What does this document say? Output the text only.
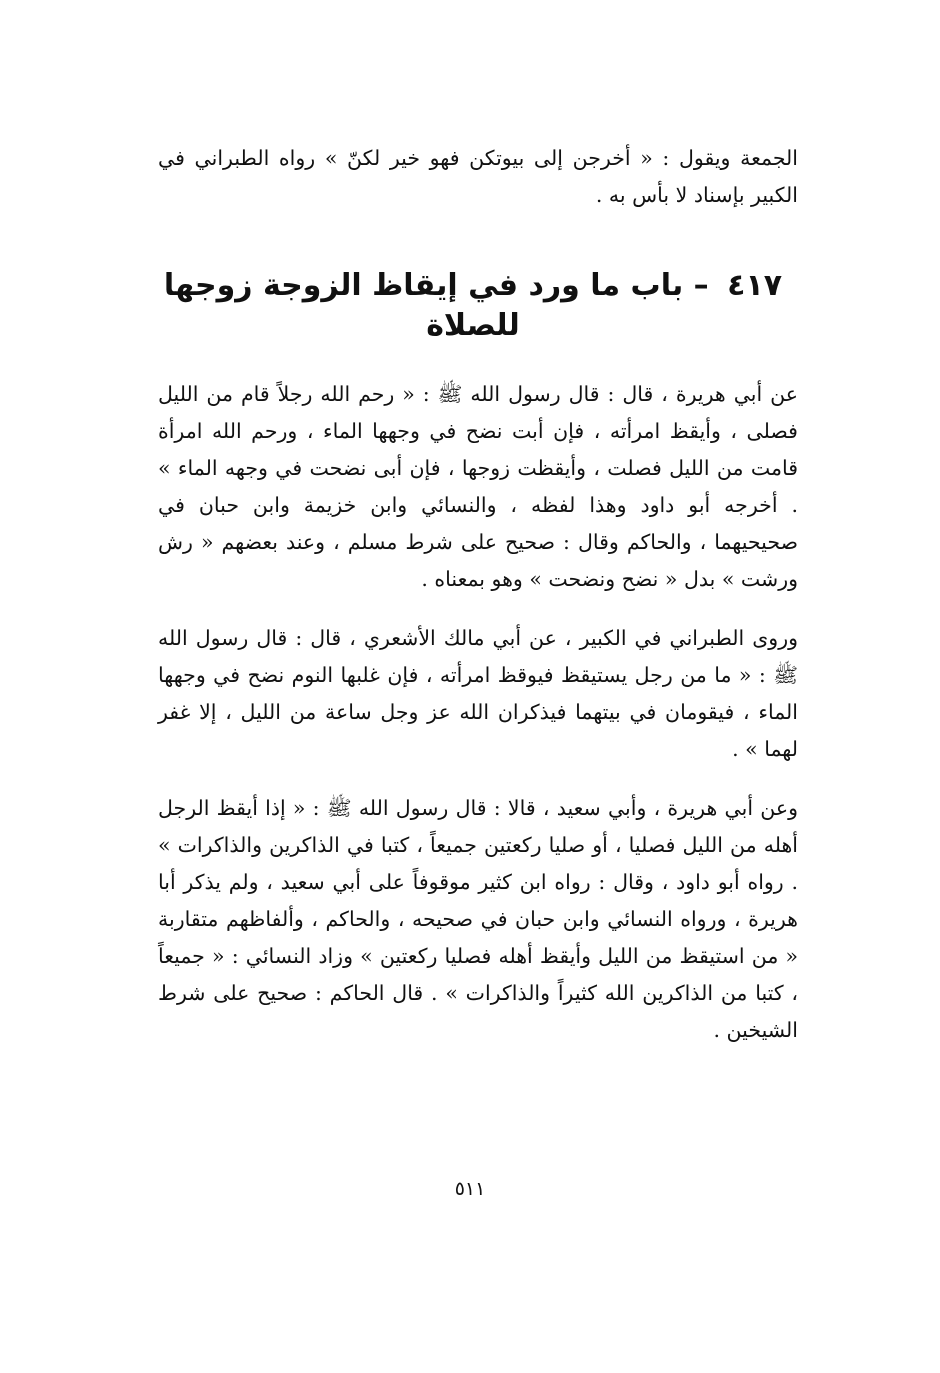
الجمعة ويقول : « أخرجن إلى بيوتكن فهو خير لكنّ » رواه الطبراني في الكبير بإسناد لا بأس به .

٤١٧ – باب ما ورد في إيقاظ الزوجة زوجها للصلاة

عن أبي هريرة ، قال : قال رسول الله ﷺ : « رحم الله رجلاً قام من الليل فصلى ، وأيقظ امرأته ، فإن أبت نضح في وجهها الماء ، ورحم الله امرأة قامت من الليل فصلت ، وأيقظت زوجها ، فإن أبى نضحت في وجهه الماء » . أخرجه أبو داود وهذا لفظه ، والنسائي وابن خزيمة وابن حبان في صحيحيهما ، والحاكم وقال : صحيح على شرط مسلم ، وعند بعضهم « رش ورشت » بدل « نضح ونضحت » وهو بمعناه .

وروى الطبراني في الكبير ، عن أبي مالك الأشعري ، قال : قال رسول الله ﷺ : « ما من رجل يستيقظ فيوقظ امرأته ، فإن غلبها النوم نضح في وجهها الماء ، فيقومان في بيتهما فيذكران الله عز وجل ساعة من الليل ، إلا غفر لهما » .

وعن أبي هريرة ، وأبي سعيد ، قالا : قال رسول الله ﷺ : « إذا أيقظ الرجل أهله من الليل فصليا ، أو صليا ركعتين جميعاً ، كتبا في الذاكرين والذاكرات » . رواه أبو داود ، وقال : رواه ابن كثير موقوفاً على أبي سعيد ، ولم يذكر أبا هريرة ، ورواه النسائي وابن حبان في صحيحه ، والحاكم ، وألفاظهم متقاربة « من استيقظ من الليل وأيقظ أهله فصليا ركعتين » وزاد النسائي : « جميعاً ، كتبا من الذاكرين الله كثيراً والذاكرات » . قال الحاكم : صحيح على شرط الشيخين .

٥١١
